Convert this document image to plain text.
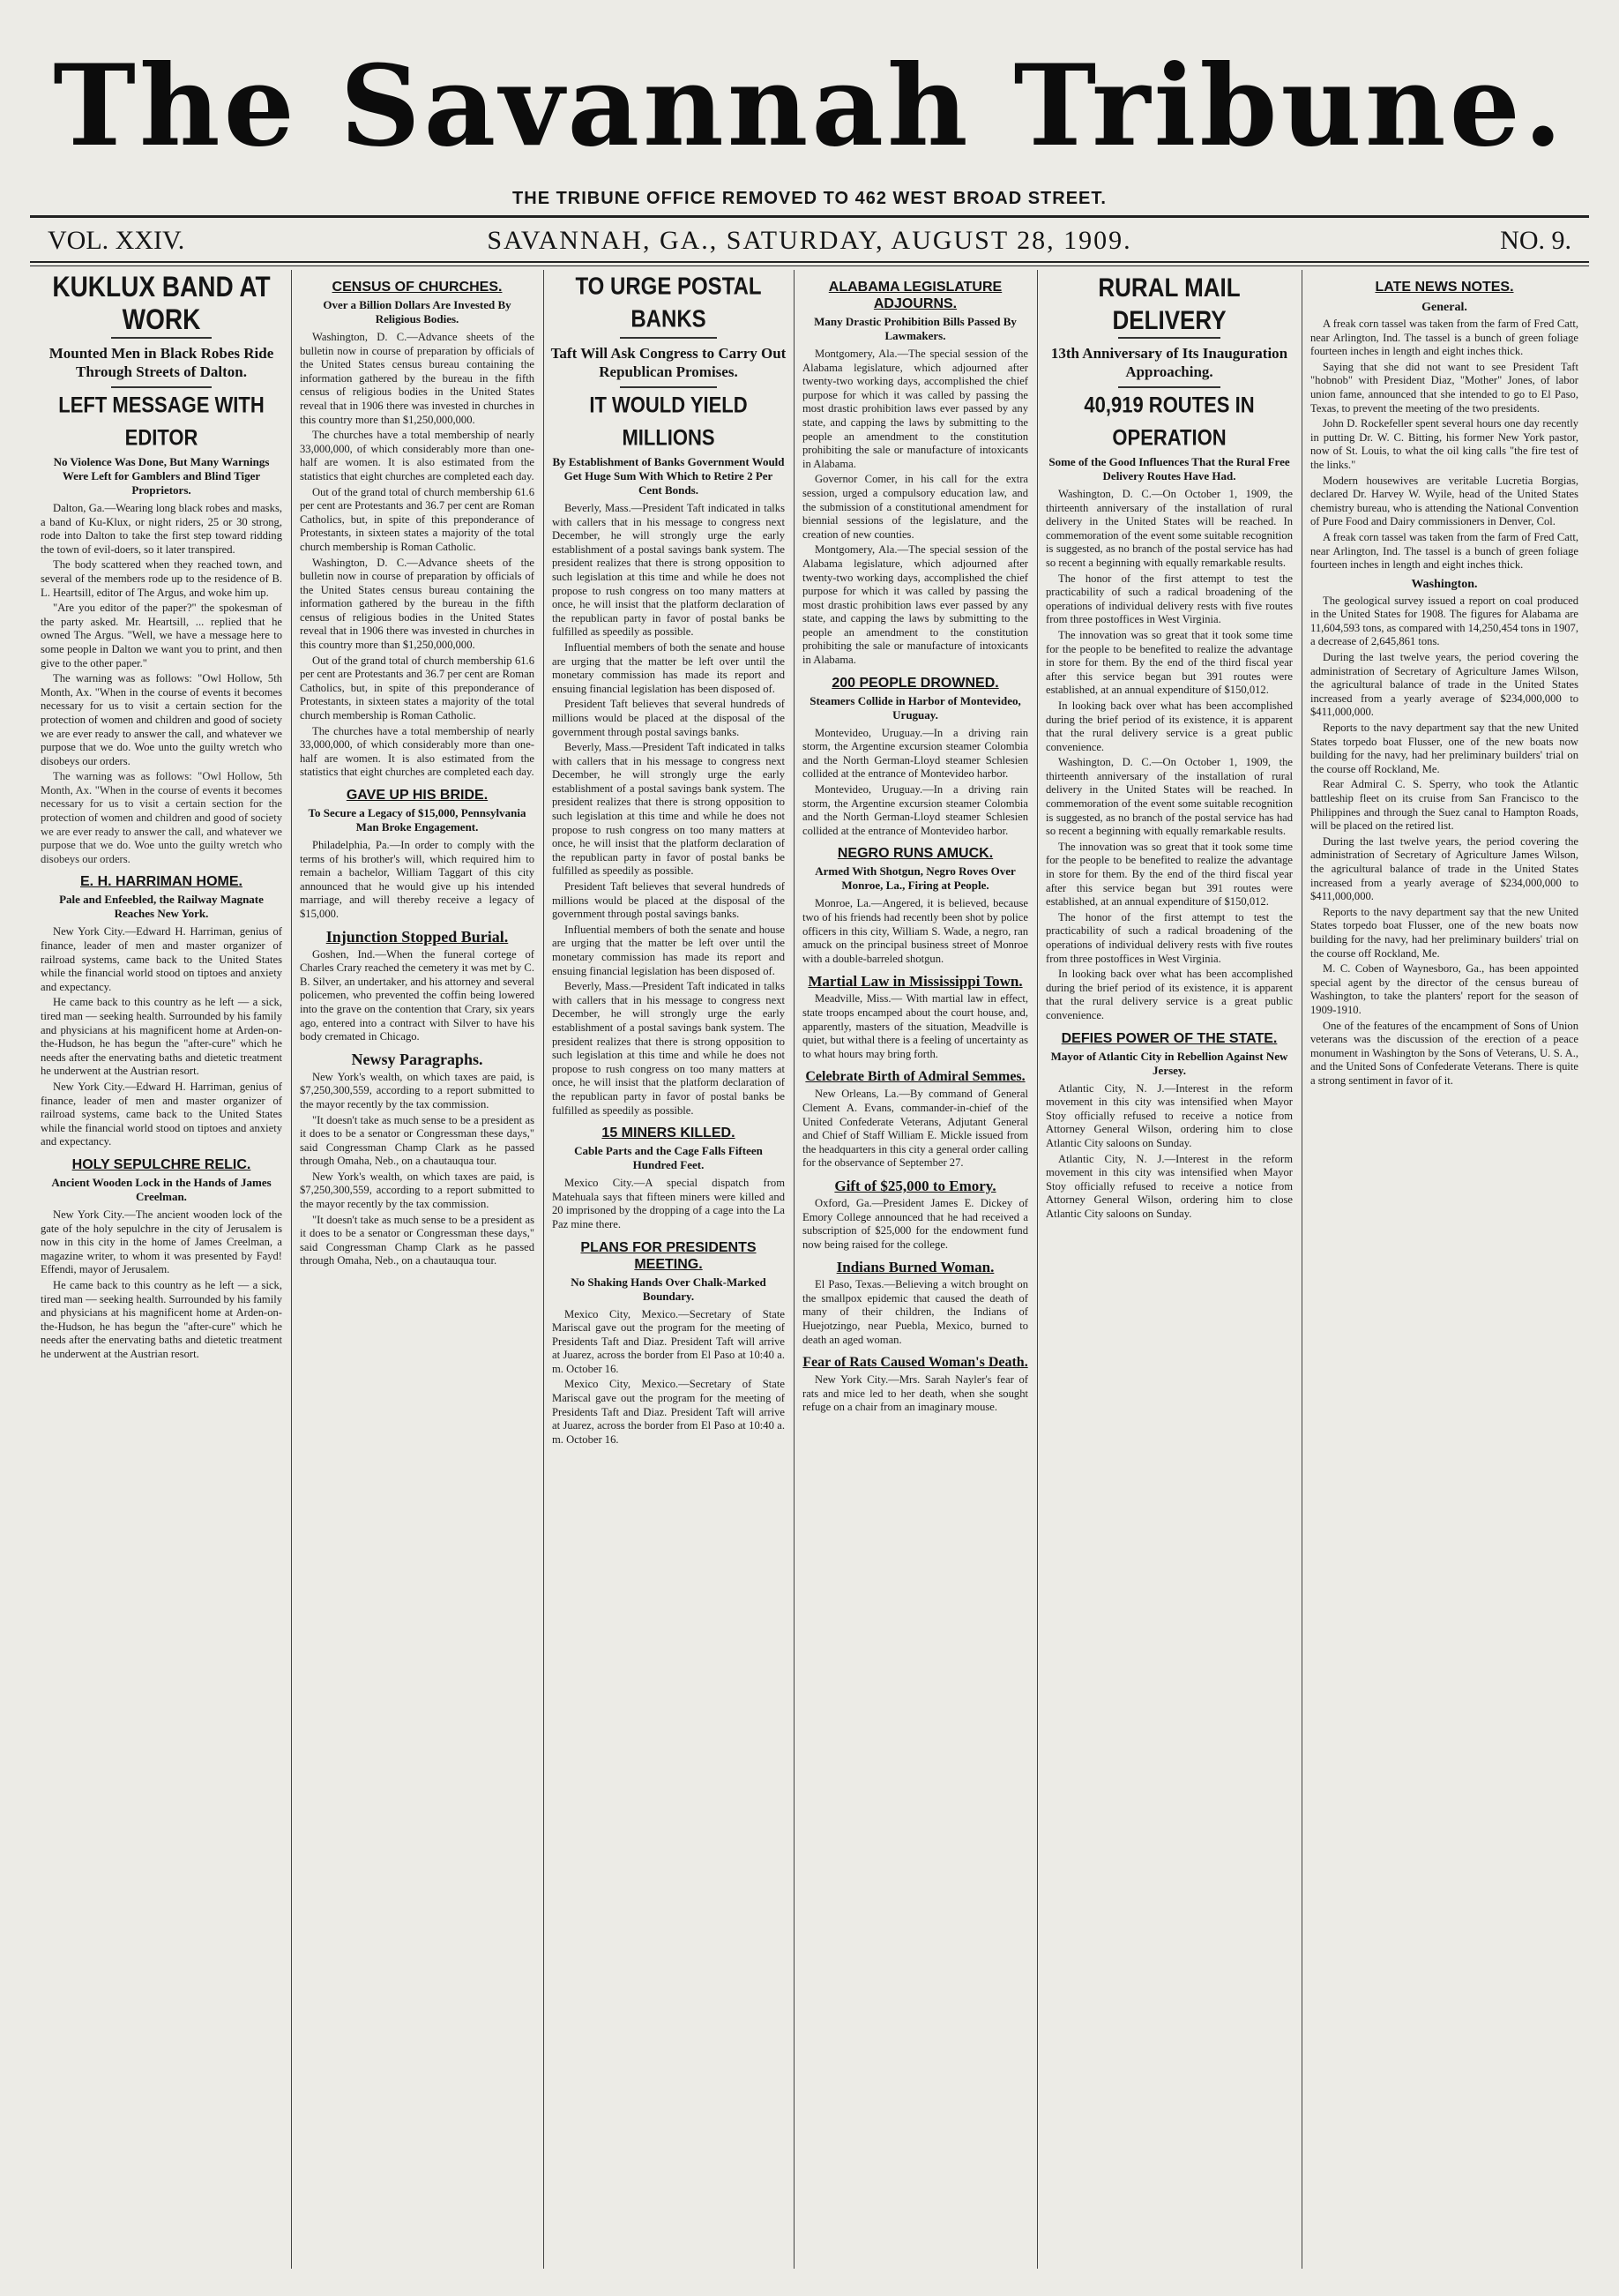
The Savannah Tribune.
THE TRIBUNE OFFICE REMOVED TO 462 WEST BROAD STREET.
SAVANNAH, GA., SATURDAY, AUGUST 28, 1909.
VOL. XXIV.	NO. 9.
KUKLUX BAND AT WORK
Mounted Men in Black Robes Ride Through Streets of Dalton.
LEFT MESSAGE WITH EDITOR
No Violence Was Done, But Many Warnings Were Left for Gamblers and Blind Tiger Proprietors.

Dalton, Ga.—Wearing long black robes and masks, a band of Ku-Klux, or night riders, 25 or 30 strong, rode into Dalton to take the first step toward ridding the town of evil-doers, so it later transpired.

The body scattered when they reached town, and several of the members rode up to the residence of B. L. Heartsill, editor of The Argus, and woke him up.

"Are you editor of the paper?" the spokesman of the party asked. Mr. Heartsill, ... replied that he owned The Argus. "Well, we have a message here to some people in Dalton we want you to print, and then give to the other paper."

The warning was as follows: "Owl Hollow, 5th Month, Ax. "When in the course of events it becomes necessary for us to visit a certain section for the protection of women and children and good of society we are ever ready to answer the call, and whatever we purpose that we do. Woe unto the guilty wretch who disobeys our orders.

The warning was as follows: "Owl Hollow, 5th Month, Ax. "When in the course of events it becomes necessary for us to visit a certain section for the protection of women and children and good of society we are ever ready to answer the call, and whatever we purpose that we do. Woe unto the guilty wretch who disobeys our orders.

E. H. HARRIMAN HOME.
Pale and Enfeebled, the Railway Magnate Reaches New York.

New York City.—Edward H. Harriman, genius of finance, leader of men and master organizer of railroad systems, came back to the United States while the financial world stood on tiptoes and anxiety and expectancy.

He came back to this country as he left — a sick, tired man — seeking health. Surrounded by his family and physicians at his magnificent home at Arden-on-the-Hudson, he has begun the "after-cure" which he needs after the enervating baths and dietetic treatment he underwent at the Austrian resort.

New York City.—Edward H. Harriman, genius of finance, leader of men and master organizer of railroad systems, came back to the United States while the financial world stood on tiptoes and anxiety and expectancy.

HOLY SEPULCHRE RELIC.
Ancient Wooden Lock in the Hands of James Creelman.

New York City.—The ancient wooden lock of the gate of the holy sepulchre in the city of Jerusalem is now in this city in the home of James Creelman, a magazine writer, to whom it was presented by Fayd! Effendi, mayor of Jerusalem.

He came back to this country as he left — a sick, tired man — seeking health. Surrounded by his family and physicians at his magnificent home at Arden-on-the-Hudson, he has begun the "after-cure" which he needs after the enervating baths and dietetic treatment he underwent at the Austrian resort.

CENSUS OF CHURCHES.
Over a Billion Dollars Are Invested By Religious Bodies.

Washington, D. C.—Advance sheets of the bulletin now in course of preparation by officials of the United States census bureau containing the information gathered by the bureau in the fifth census of religious bodies in the United States reveal that in 1906 there was invested in churches in this country more than $1,250,000,000.

The churches have a total membership of nearly 33,000,000, of which considerably more than one-half are women. It is also estimated from the statistics that eight churches are completed each day.

Out of the grand total of church membership 61.6 per cent are Protestants and 36.7 per cent are Roman Catholics, but, in spite of this preponderance of Protestants, in sixteen states a majority of the total church membership is Roman Catholic.

Washington, D. C.—Advance sheets of the bulletin now in course of preparation by officials of the United States census bureau containing the information gathered by the bureau in the fifth census of religious bodies in the United States reveal that in 1906 there was invested in churches in this country more than $1,250,000,000.

Out of the grand total of church membership 61.6 per cent are Protestants and 36.7 per cent are Roman Catholics, but, in spite of this preponderance of Protestants, in sixteen states a majority of the total church membership is Roman Catholic.

The churches have a total membership of nearly 33,000,000, of which considerably more than one-half are women. It is also estimated from the statistics that eight churches are completed each day.

GAVE UP HIS BRIDE.
To Secure a Legacy of $15,000, Pennsylvania Man Broke Engagement.

Philadelphia, Pa.—In order to comply with the terms of his brother's will, which required him to remain a bachelor, William Taggart of this city announced that he would give up his intended marriage, and will thereby receive a legacy of $15,000.

Injunction Stopped Burial.

Goshen, Ind.—When the funeral cortege of Charles Crary reached the cemetery it was met by C. B. Silver, an undertaker, and his attorney and several policemen, who prevented the coffin being lowered into the grave on the contention that Crary, six years ago, entered into a contract with Silver to have his body cremated in Chicago.

Newsy Paragraphs.

New York's wealth, on which taxes are paid, is $7,250,300,559, according to a report submitted to the mayor recently by the tax commission.

"It doesn't take as much sense to be a president as it does to be a senator or Congressman these days," said Congressman Champ Clark as he passed through Omaha, Neb., on a chautauqua tour.

New York's wealth, on which taxes are paid, is $7,250,300,559, according to a report submitted to the mayor recently by the tax commission.

"It doesn't take as much sense to be a president as it does to be a senator or Congressman these days," said Congressman Champ Clark as he passed through Omaha, Neb., on a chautauqua tour.

TO URGE POSTAL BANKS
Taft Will Ask Congress to Carry Out Republican Promises.
IT WOULD YIELD MILLIONS
By Establishment of Banks Government Would Get Huge Sum With Which to Retire 2 Per Cent Bonds.

Beverly, Mass.—President Taft indicated in talks with callers that in his message to congress next December, he will strongly urge the early establishment of a postal savings bank system. The president realizes that there is strong opposition to such legislation at this time and while he does not propose to rush congress on too many matters at once, he will insist that the platform declaration of the republican party in favor of postal banks be fulfilled as speedily as possible.

Influential members of both the senate and house are urging that the matter be left over until the monetary commission has made its report and ensuing financial legislation has been disposed of.

President Taft believes that several hundreds of millions would be placed at the disposal of the government through postal savings banks.

Beverly, Mass.—President Taft indicated in talks with callers that in his message to congress next December, he will strongly urge the early establishment of a postal savings bank system. The president realizes that there is strong opposition to such legislation at this time and while he does not propose to rush congress on too many matters at once, he will insist that the platform declaration of the republican party in favor of postal banks be fulfilled as speedily as possible.

President Taft believes that several hundreds of millions would be placed at the disposal of the government through postal savings banks.

Influential members of both the senate and house are urging that the matter be left over until the monetary commission has made its report and ensuing financial legislation has been disposed of.

Beverly, Mass.—President Taft indicated in talks with callers that in his message to congress next December, he will strongly urge the early establishment of a postal savings bank system. The president realizes that there is strong opposition to such legislation at this time and while he does not propose to rush congress on too many matters at once, he will insist that the platform declaration of the republican party in favor of postal banks be fulfilled as speedily as possible.

15 MINERS KILLED.
Cable Parts and the Cage Falls Fifteen Hundred Feet.

Mexico City.—A special dispatch from Matehuala says that fifteen miners were killed and 20 imprisoned by the dropping of a cage into the La Paz mine there.

PLANS FOR PRESIDENTS MEETING.
No Shaking Hands Over Chalk-Marked Boundary.

Mexico City, Mexico.—Secretary of State Mariscal gave out the program for the meeting of Presidents Taft and Diaz. President Taft will arrive at Juarez, across the border from El Paso at 10:40 a. m. October 16.

Mexico City, Mexico.—Secretary of State Mariscal gave out the program for the meeting of Presidents Taft and Diaz. President Taft will arrive at Juarez, across the border from El Paso at 10:40 a. m. October 16.

ALABAMA LEGISLATURE ADJOURNS.
Many Drastic Prohibition Bills Passed By Lawmakers.

Montgomery, Ala.—The special session of the Alabama legislature, which adjourned after twenty-two working days, accomplished the chief purpose for which it was called by passing the most drastic prohibition laws ever passed by any state, and capping the laws by submitting to the people an amendment to the constitution prohibiting the sale or manufacture of intoxicants in Alabama.

Governor Comer, in his call for the extra session, urged a compulsory education law, and the submission of a constitutional amendment for biennial sessions of the legislature, and the creation of new counties.

Montgomery, Ala.—The special session of the Alabama legislature, which adjourned after twenty-two working days, accomplished the chief purpose for which it was called by passing the most drastic prohibition laws ever passed by any state, and capping the laws by submitting to the people an amendment to the constitution prohibiting the sale or manufacture of intoxicants in Alabama.

200 PEOPLE DROWNED.
Steamers Collide in Harbor of Montevideo, Uruguay.

Montevideo, Uruguay.—In a driving rain storm, the Argentine excursion steamer Colombia and the North German-Lloyd steamer Schlesien collided at the entrance of Montevideo harbor.

Montevideo, Uruguay.—In a driving rain storm, the Argentine excursion steamer Colombia and the North German-Lloyd steamer Schlesien collided at the entrance of Montevideo harbor.

NEGRO RUNS AMUCK.
Armed With Shotgun, Negro Roves Over Monroe, La., Firing at People.

Monroe, La.—Angered, it is believed, because two of his friends had recently been shot by police officers in this city, William S. Wade, a negro, ran amuck on the principal business street of Monroe with a double-barreled shotgun.

Martial Law in Mississippi Town.

Meadville, Miss.— With martial law in effect, state troops encamped about the court house, and, apparently, masters of the situation, Meadville is quiet, but withal there is a feeling of uncertainty as to what hours may bring forth.

Celebrate Birth of Admiral Semmes.

New Orleans, La.—By command of General Clement A. Evans, commander-in-chief of the United Confederate Veterans, Adjutant General and Chief of Staff William E. Mickle issued from the headquarters in this city a general order calling for the observance of September 27.

Gift of $25,000 to Emory.

Oxford, Ga.—President James E. Dickey of Emory College announced that he had received a subscription of $25,000 for the endowment fund now being raised for the college.

Indians Burned Woman.

El Paso, Texas.—Believing a witch brought on the smallpox epidemic that caused the death of many of their children, the Indians of Huejotzingo, near Puebla, Mexico, burned to death an aged woman.

Fear of Rats Caused Woman's Death.

New York City.—Mrs. Sarah Nayler's fear of rats and mice led to her death, when she sought refuge on a chair from an imaginary mouse.

RURAL MAIL DELIVERY
13th Anniversary of Its Inauguration Approaching.
40,919 ROUTES IN OPERATION
Some of the Good Influences That the Rural Free Delivery Routes Have Had.

Washington, D. C.—On October 1, 1909, the thirteenth anniversary of the installation of rural delivery in the United States will be reached. In commemoration of the event some suitable recognition is suggested, as no branch of the postal service has had so recent a beginning with equally remarkable results.

The honor of the first attempt to test the practicability of such a radical broadening of the operations of individual delivery rests with five routes from three postoffices in West Virginia.

The innovation was so great that it took some time for the people to be benefited to realize the advantage in store for them. By the end of the third fiscal year after this service began but 391 routes were established, at an annual expenditure of $150,012.

In looking back over what has been accomplished during the brief period of its existence, it is apparent that the rural delivery service is a great public convenience.

Washington, D. C.—On October 1, 1909, the thirteenth anniversary of the installation of rural delivery in the United States will be reached. In commemoration of the event some suitable recognition is suggested, as no branch of the postal service has had so recent a beginning with equally remarkable results.

The innovation was so great that it took some time for the people to be benefited to realize the advantage in store for them. By the end of the third fiscal year after this service began but 391 routes were established, at an annual expenditure of $150,012.

The honor of the first attempt to test the practicability of such a radical broadening of the operations of individual delivery rests with five routes from three postoffices in West Virginia.

In looking back over what has been accomplished during the brief period of its existence, it is apparent that the rural delivery service is a great public convenience.

DEFIES POWER OF THE STATE.
Mayor of Atlantic City in Rebellion Against New Jersey.

Atlantic City, N. J.—Interest in the reform movement in this city was intensified when Mayor Stoy officially refused to receive a notice from Attorney General Wilson, ordering him to close Atlantic City saloons on Sunday.

Atlantic City, N. J.—Interest in the reform movement in this city was intensified when Mayor Stoy officially refused to receive a notice from Attorney General Wilson, ordering him to close Atlantic City saloons on Sunday.

LATE NEWS NOTES.
General.

A freak corn tassel was taken from the farm of Fred Catt, near Arlington, Ind. The tassel is a bunch of green foliage fourteen inches in length and eight inches thick.

Saying that she did not want to see President Taft "hobnob" with President Diaz, "Mother" Jones, of labor union fame, announced that she intended to go to El Paso, Texas, to prevent the meeting of the two presidents.

John D. Rockefeller spent several hours one day recently in putting Dr. W. C. Bitting, his former New York pastor, now of St. Louis, to what the oil king calls "the fire test of the links."

Modern housewives are veritable Lucretia Borgias, declared Dr. Harvey W. Wyile, head of the United States chemistry bureau, who is attending the National Convention of Pure Food and Dairy commissioners in Denver, Col.

A freak corn tassel was taken from the farm of Fred Catt, near Arlington, Ind. The tassel is a bunch of green foliage fourteen inches in length and eight inches thick.

Washington.

The geological survey issued a report on coal produced in the United States for 1908. The figures for Alabama are 11,604,593 tons, as compared with 14,250,454 tons in 1907, a decrease of 2,645,861 tons.

During the last twelve years, the period covering the administration of Secretary of Agriculture James Wilson, the agricultural balance of trade in the United States increased from a yearly average of $234,000,000 to $411,000,000.

Reports to the navy department say that the new United States torpedo boat Flusser, one of the new boats now building for the navy, had her preliminary builders' trial on the course off Rockland, Me.

Rear Admiral C. S. Sperry, who took the Atlantic battleship fleet on its cruise from San Francisco to the Philippines and through the Suez canal to Hampton Roads, will be placed on the retired list.

During the last twelve years, the period covering the administration of Secretary of Agriculture James Wilson, the agricultural balance of trade in the United States increased from a yearly average of $234,000,000 to $411,000,000.

Reports to the navy department say that the new United States torpedo boat Flusser, one of the new boats now building for the navy, had her preliminary builders' trial on the course off Rockland, Me.

M. C. Coben of Waynesboro, Ga., has been appointed special agent by the director of the census bureau of Washington, to take the planters' report for the season of 1909-1910.

One of the features of the encampment of Sons of Union veterans was the discussion of the erection of a peace monument in Washington by the Sons of Veterans, U. S. A., and the United Sons of Confederate Veterans. There is quite a strong sentiment in favor of it.
